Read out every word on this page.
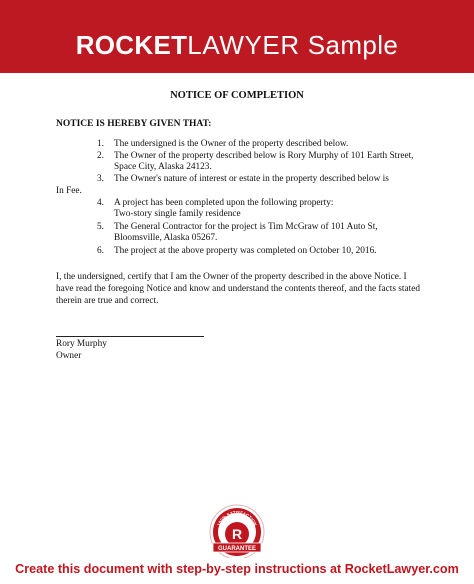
ROCKETLAWYER Sample
NOTICE OF COMPLETION
NOTICE IS HEREBY GIVEN THAT:
1. The undersigned is the Owner of the property described below.
2. The Owner of the property described below is Rory Murphy of 101 Earth Street,
Space City, Alaska 24123.
3. The Owner's nature of interest or estate in the property described below is
In Fee.
4. A project has been completed upon the following property:
Two-story single family residence
5. The General Contractor for the project is Tim McGraw of 101 Auto St,
Bloomsville, Alaska 05267.
6. The project at the above property was completed on October 10, 2016.
I, the undersigned, certify that I am the Owner of the property described in the above Notice. I have read the foregoing Notice and know and understand the contents thereof, and the facts stated therein are true and correct.
Rory Murphy
Owner
100% SATISFACTION
R
GUARANTEE
Create this document with step-by-step instructions at RocketLawyer.com
